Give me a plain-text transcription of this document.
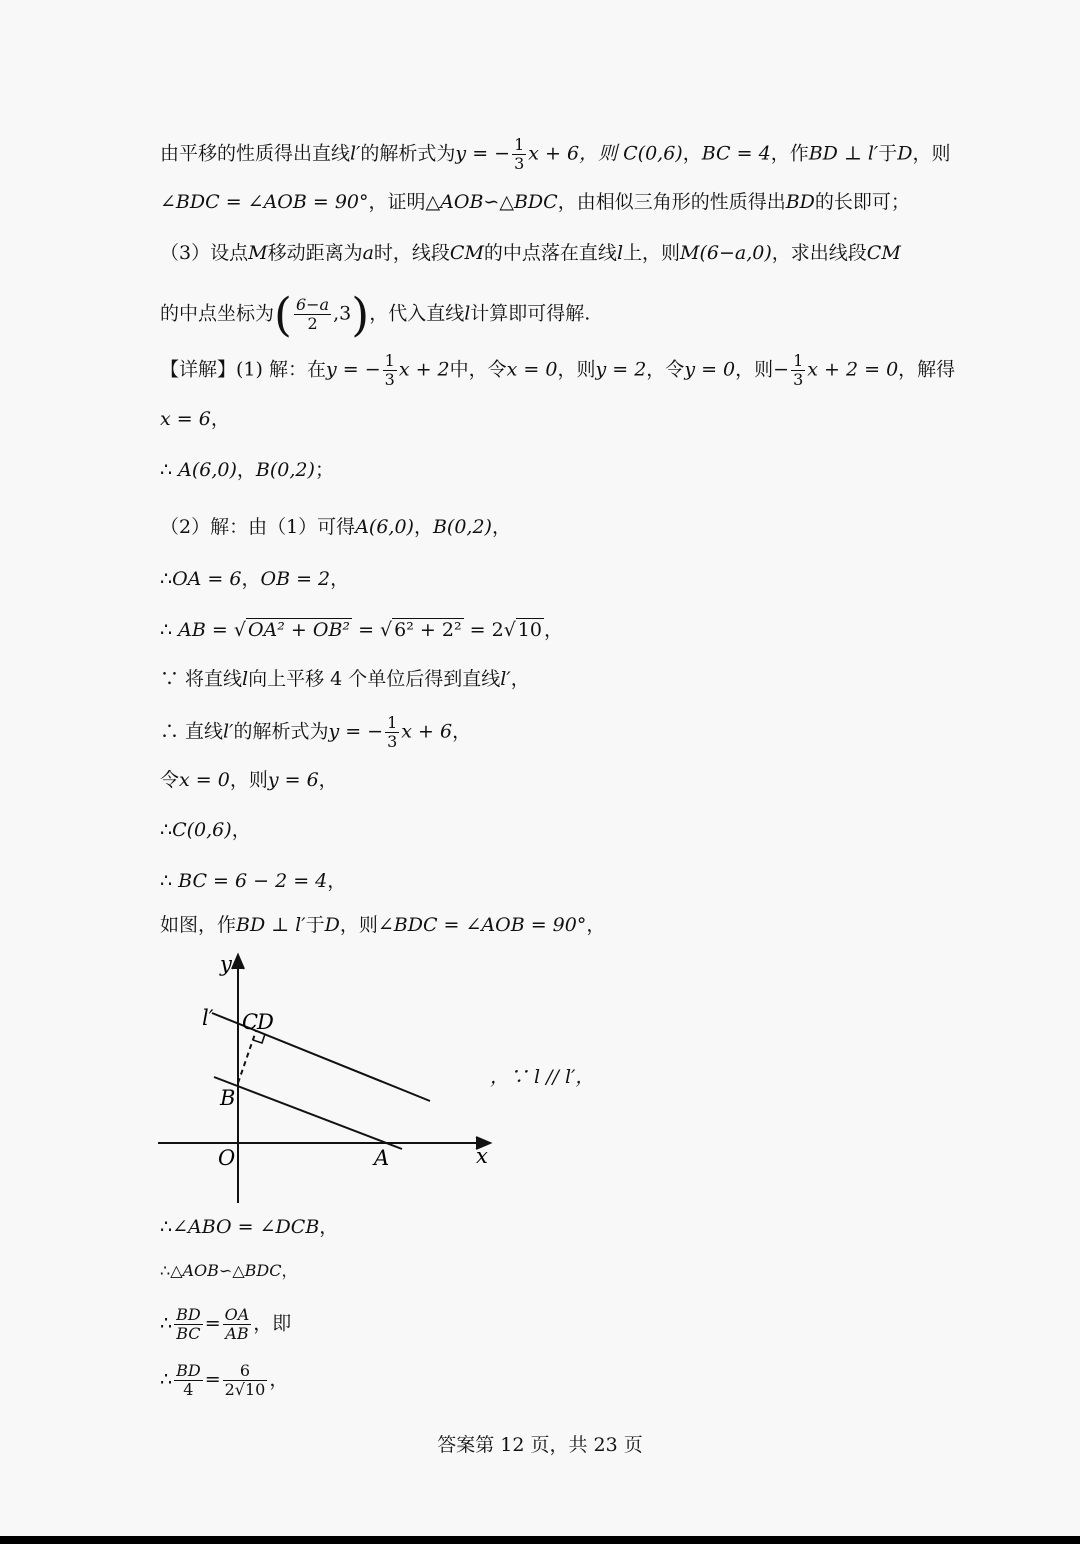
由平移的性质得出直线l′的解析式为y = − $\frac{1}{3}$ x + 6，则 C(0,6)，BC = 4，作BD ⊥ l′于D，则
∠BDC = ∠AOB = 90°，证明△AOB∽△BDC，由相似三角形的性质得出BD的长即可；
（3）设点M移动距离为a时，线段CM的中点落在直线l上，则M(6−a,0)，求出线段CM
的中点坐标为( $\frac{6-a}{2} ,3$)，代入直线l计算即可得解.
【详解】(1) 解：在y = − $\frac{1}{3}$ x + 2中，令x = 0，则y = 2，令y = 0，则− $\frac{1}{3}$ x + 2 = 0，解得
x = 6，
∴ A(6,0)，B(0,2)；
（2）解：由（1）可得A(6,0)，B(0,2)，
∴OA = 6，OB = 2，
∴ AB = √ OA² + OB² = √ 6² + 2² = 2√ 10 ，
∵ 将直线l向上平移 4 个单位后得到直线l′，
∴ 直线l′的解析式为y = − $\frac{1}{3}$ x + 6，
令x = 0，则y = 6，
∴C(0,6)，
∴ BC = 6 − 2 = 4，
如图，作BD ⊥ l′于D，则∠BDC = ∠AOB = 90°，
y
l′ C
D
B
O	A	x
，∵ l // l′，
∴∠ABO = ∠DCB，
∴△AOB∽△BDC，
∴ $\frac{BD}{BC} = \frac{OA}{AB}$ ，即
∴ $\frac{BD}{4} = \frac{6}{2√10}$ ，
答案第 12 页，共 23 页
